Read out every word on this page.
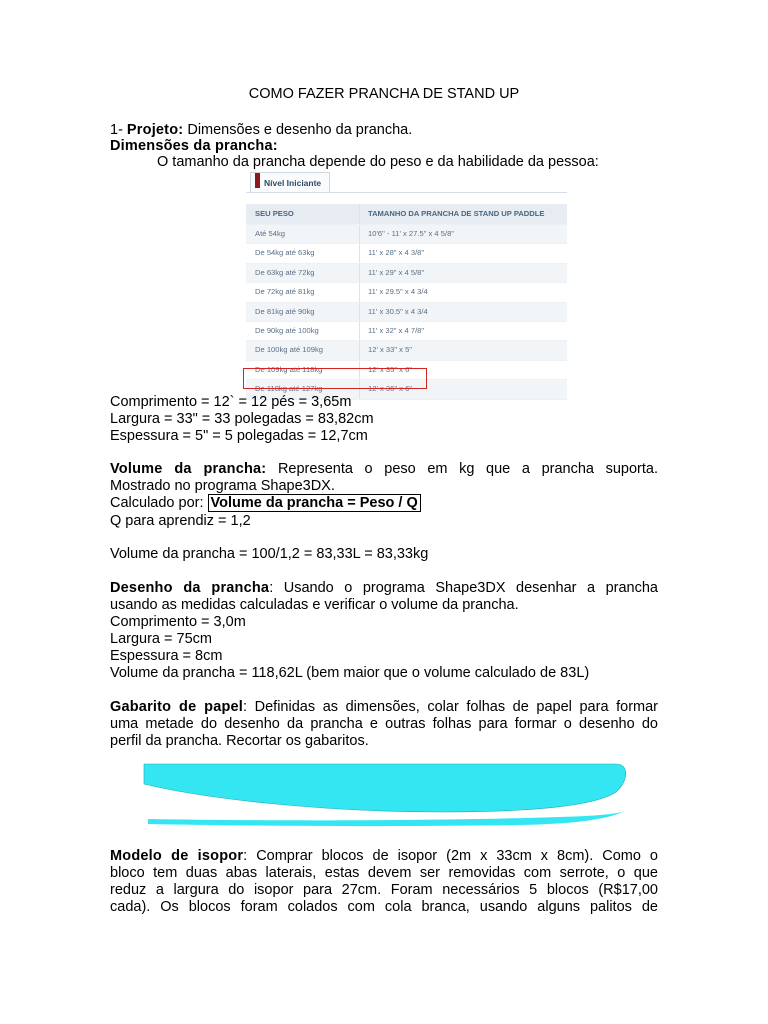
COMO FAZER PRANCHA DE STAND UP
1- Projeto: Dimensões e desenho da prancha.
Dimensões da prancha:
O tamanho da prancha depende do peso e da habilidade da pessoa:
Nível Iniciante
SEU PESO	TAMANHO DA PRANCHA DE STAND UP PADDLE
Até 54kg	10'6" - 11' x 27.5" x 4 5/8"
De 54kg até 63kg	11' x 28" x 4 3/8"
De 63kg até 72kg	11' x 29" x 4 5/8"
De 72kg até 81kg	11' x 29.5" x 4 3/4
De 81kg até 90kg	11' x 30.5" x 4 3/4
De 90kg até 100kg	11' x 32" x 4 7/8"
De 100kg até 109kg	12' x 33" x 5"
De 109kg até 118kg	12' x 35" x 6"
De 118kg até 127kg	12' x 36" x 6"
Comprimento = 12` = 12 pés = 3,65m
Largura = 33" = 33 polegadas = 83,82cm
Espessura = 5" = 5 polegadas = 12,7cm
Volume da prancha: Representa o peso em kg que a prancha suporta.
Mostrado no programa Shape3DX.
Calculado por: Volume da prancha = Peso / Q
Q para aprendiz = 1,2
Volume da prancha = 100/1,2 = 83,33L = 83,33kg
Desenho da prancha: Usando o programa Shape3DX desenhar a prancha
usando as medidas calculadas e verificar o volume da prancha.
Comprimento = 3,0m
Largura = 75cm
Espessura = 8cm
Volume da prancha = 118,62L (bem maior que o volume calculado de 83L)
Gabarito de papel: Definidas as dimensões, colar folhas de papel para formar
uma metade do desenho da prancha e outras folhas para formar o desenho do
perfil da prancha. Recortar os gabaritos.
Modelo de isopor: Comprar blocos de isopor (2m x 33cm x 8cm). Como o
bloco tem duas abas laterais, estas devem ser removidas com serrote, o que
reduz a largura do isopor para 27cm. Foram necessários 5 blocos (R$17,00
cada). Os blocos foram colados com cola branca, usando alguns palitos de
